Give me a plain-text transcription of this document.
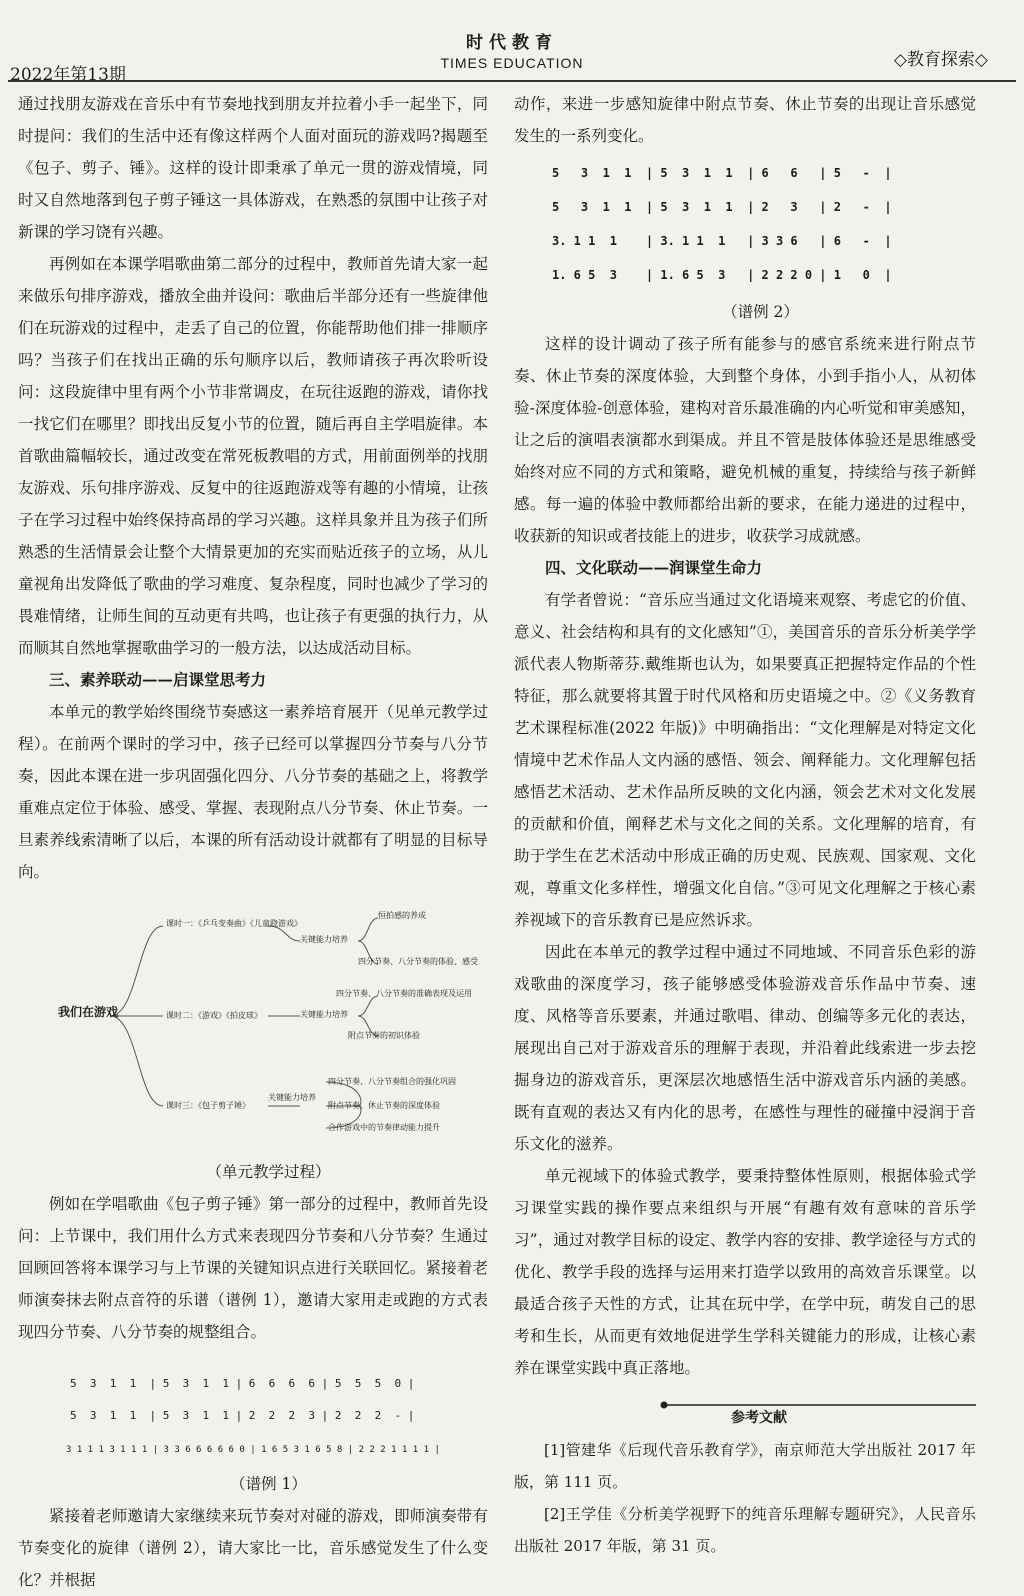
2022年第13期
时代教育
TIMES EDUCATION	◇教育探索◇

通过找朋友游戏在音乐中有节奏地找到朋友并拉着小手一起坐下，同时提问：我们的生活中还有像这样两个人面对面玩的游戏吗?揭题至《包子、剪子、锤》。这样的设计即秉承了单元一贯的游戏情境，同时又自然地落到包子剪子锤这一具体游戏，在熟悉的氛围中让孩子对新课的学习饶有兴趣。

再例如在本课学唱歌曲第二部分的过程中，教师首先请大家一起来做乐句排序游戏，播放全曲并设问：歌曲后半部分还有一些旋律他们在玩游戏的过程中，走丢了自己的位置，你能帮助他们排一排顺序吗？当孩子们在找出正确的乐句顺序以后，教师请孩子再次聆听设问：这段旋律中里有两个小节非常调皮，在玩往返跑的游戏，请你找一找它们在哪里？即找出反复小节的位置，随后再自主学唱旋律。本首歌曲篇幅较长，通过改变在常死板教唱的方式，用前面例举的找朋友游戏、乐句排序游戏、反复中的往返跑游戏等有趣的小情境，让孩子在学习过程中始终保持高昂的学习兴趣。这样具象并且为孩子们所熟悉的生活情景会让整个大情景更加的充实而贴近孩子的立场，从儿童视角出发降低了歌曲的学习难度、复杂程度，同时也减少了学习的畏难情绪，让师生间的互动更有共鸣，也让孩子有更强的执行力，从而顺其自然地掌握歌曲学习的一般方法，以达成活动目标。

三、素养联动——启课堂思考力

本单元的教学始终围绕节奏感这一素养培育展开（见单元教学过程）。在前两个课时的学习中，孩子已经可以掌握四分节奏与八分节奏，因此本课在进一步巩固强化四分、八分节奏的基础之上，将教学重难点定位于体验、感受、掌握、表现附点八分节奏、休止节奏。一旦素养线索清晰了以后，本课的所有活动设计就都有了明显的目标导向。

我们在游戏
课时一：《乒乓变奏曲》《儿童跷游戏》
课时二：《游戏》《拍皮球》
课时三：《包子剪子锤》
关键能力培养
关键能力培养
关键能力培养
恒拍感的养成
四分节奏、八分节奏的体验、感受
四分节奏、八分节奏的准确表现及运用
附点节奏的初识体验
四分节奏、八分节奏组合的强化巩固
附点节奏、休止节奏的深度体验
合作游戏中的节奏律动能力提升

（单元教学过程）

例如在学唱歌曲《包子剪子锤》第一部分的过程中，教师首先设问：上节课中，我们用什么方式来表现四分节奏和八分节奏？生通过回顾回答将本课学习与上节课的关键知识点进行关联回忆。紧接着老师演奏抹去附点音符的乐谱（谱例 1），邀请大家用走或跑的方式表现四分节奏、八分节奏的规整组合。

5  3  1  1  | 5  3  1  1 | 6  6  6  6 | 5  5  5  0 |

5  3  1  1  | 5  3  1  1 | 2  2  2  3 | 2  2  2  - |

3 1 1 1 3 1 1 1 | 3 3 6 6 6 6 6 0 | 1 6 5 3 1 6 5 8 | 2 2 2 1 1 1 1 |

（谱例 1）

紧接着老师邀请大家继续来玩节奏对对碰的游戏，即师演奏带有节奏变化的旋律（谱例 2），请大家比一比，音乐感觉发生了什么变化？并根据

动作，来进一步感知旋律中附点节奏、休止节奏的出现让音乐感觉发生的一系列变化。

5   3  1  1  | 5  3  1  1  | 6   6   | 5   -  |

5   3  1  1  | 5  3  1  1  | 2   3   | 2   -  |

3. 1 1  1    | 3. 1 1  1   | 3 3 6   | 6   -  |

1. 6 5  3    | 1. 6 5  3   | 2 2 2 0 | 1   0  |

（谱例 2）

这样的设计调动了孩子所有能参与的感官系统来进行附点节奏、休止节奏的深度体验，大到整个身体，小到手指小人，从初体验-深度体验-创意体验，建构对音乐最准确的内心听觉和审美感知，让之后的演唱表演都水到渠成。并且不管是肢体体验还是思维感受始终对应不同的方式和策略，避免机械的重复，持续给与孩子新鲜感。每一遍的体验中教师都给出新的要求，在能力递进的过程中，收获新的知识或者技能上的进步，收获学习成就感。

四、文化联动——润课堂生命力

有学者曾说：“音乐应当通过文化语境来观察、考虑它的价值、意义、社会结构和具有的文化感知”①，美国音乐的音乐分析美学学派代表人物斯蒂芬.戴维斯也认为，如果要真正把握特定作品的个性特征，那么就要将其置于时代风格和历史语境之中。②《义务教育艺术课程标准(2022 年版)》中明确指出：“文化理解是对特定文化情境中艺术作品人文内涵的感悟、领会、阐释能力。文化理解包括感悟艺术活动、艺术作品所反映的文化内涵，领会艺术对文化发展的贡献和价值，阐释艺术与文化之间的关系。文化理解的培育，有助于学生在艺术活动中形成正确的历史观、民族观、国家观、文化观，尊重文化多样性，增强文化自信。”③可见文化理解之于核心素养视域下的音乐教育已是应然诉求。

因此在本单元的教学过程中通过不同地域、不同音乐色彩的游戏歌曲的深度学习，孩子能够感受体验游戏音乐作品中节奏、速度、风格等音乐要素，并通过歌唱、律动、创编等多元化的表达，展现出自己对于游戏音乐的理解于表现，并沿着此线索进一步去挖掘身边的游戏音乐，更深层次地感悟生活中游戏音乐内涵的美感。既有直观的表达又有内化的思考，在感性与理性的碰撞中浸润于音乐文化的滋养。

单元视域下的体验式教学，要秉持整体性原则，根据体验式学习课堂实践的操作要点来组织与开展“有趣有效有意味的音乐学习”，通过对教学目标的设定、教学内容的安排、教学途径与方式的优化、教学手段的选择与运用来打造学以致用的高效音乐课堂。以最适合孩子天性的方式，让其在玩中学，在学中玩，萌发自己的思考和生长，从而更有效地促进学生学科关键能力的形成，让核心素养在课堂实践中真正落地。

参考文献

[1]管建华《后现代音乐教育学》，南京师范大学出版社 2017 年版，第 111 页。

[2]王学佳《分析美学视野下的纯音乐理解专题研究》，人民音乐出版社 2017 年版，第 31 页。
